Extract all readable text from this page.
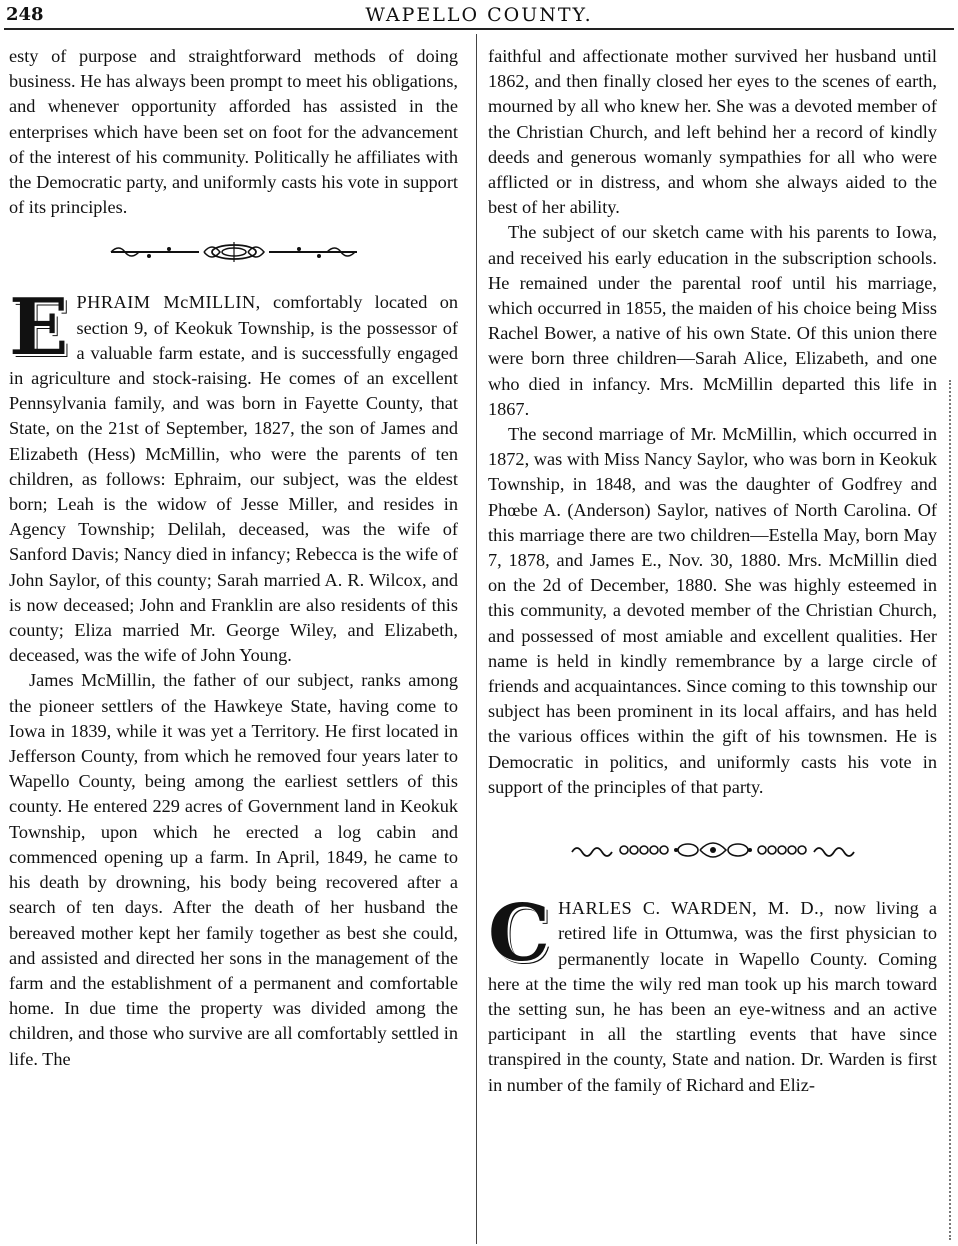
248	WAPELLO COUNTY.

esty of purpose and straightforward methods of doing business. He has always been prompt to meet his obligations, and whenever opportunity afforded has assisted in the enterprises which have been set on foot for the advancement of the interest of his community. Politically he affiliates with the Democratic party, and uniformly casts his vote in support of its principles.

EPHRAIM McMILLIN, comfortably located on section 9, of Keokuk Township, is the possessor of a valuable farm estate, and is successfully engaged in agriculture and stock-raising. He comes of an excellent Pennsylvania family, and was born in Fayette County, that State, on the 21st of September, 1827, the son of James and Elizabeth (Hess) McMillin, who were the parents of ten children, as follows: Ephraim, our subject, was the eldest born; Leah is the widow of Jesse Miller, and resides in Agency Township; Delilah, deceased, was the wife of Sanford Davis; Nancy died in infancy; Rebecca is the wife of John Saylor, of this county; Sarah married A. R. Wilcox, and is now deceased; John and Franklin are also residents of this county; Eliza married Mr. George Wiley, and Elizabeth, deceased, was the wife of John Young.

James McMillin, the father of our subject, ranks among the pioneer settlers of the Hawkeye State, having come to Iowa in 1839, while it was yet a Territory. He first located in Jefferson County, from which he removed four years later to Wapello County, being among the earliest settlers of this county. He entered 229 acres of Government land in Keokuk Township, upon which he erected a log cabin and commenced opening up a farm. In April, 1849, he came to his death by drowning, his body being recovered after a search of ten days. After the death of her husband the bereaved mother kept her family together as best she could, and assisted and directed her sons in the management of the farm and the establishment of a permanent and comfortable home. In due time the property was divided among the children, and those who survive are all comfortably settled in life. The

faithful and affectionate mother survived her husband until 1862, and then finally closed her eyes to the scenes of earth, mourned by all who knew her. She was a devoted member of the Christian Church, and left behind her a record of kindly deeds and generous womanly sympathies for all who were afflicted or in distress, and whom she always aided to the best of her ability.

The subject of our sketch came with his parents to Iowa, and received his early education in the subscription schools. He remained under the parental roof until his marriage, which occurred in 1855, the maiden of his choice being Miss Rachel Bower, a native of his own State. Of this union there were born three children—Sarah Alice, Elizabeth, and one who died in infancy. Mrs. McMillin departed this life in 1867.

The second marriage of Mr. McMillin, which occurred in 1872, was with Miss Nancy Saylor, who was born in Keokuk Township, in 1848, and was the daughter of Godfrey and Phœbe A. (Anderson) Saylor, natives of North Carolina. Of this marriage there are two children—Estella May, born May 7, 1878, and James E., Nov. 30, 1880. Mrs. McMillin died on the 2d of December, 1880. She was highly esteemed in this community, a devoted member of the Christian Church, and possessed of most amiable and excellent qualities. Her name is held in kindly remembrance by a large circle of friends and acquaintances. Since coming to this township our subject has been prominent in its local affairs, and has held the various offices within the gift of his townsmen. He is Democratic in politics, and uniformly casts his vote in support of the principles of that party.

CHARLES C. WARDEN, M. D., now living a retired life in Ottumwa, was the first physician to permanently locate in Wapello County. Coming here at the time the wily red man took up his march toward the setting sun, he has been an eye-witness and an active participant in all the startling events that have since transpired in the county, State and nation. Dr. Warden is first in number of the family of Richard and Eliz-
